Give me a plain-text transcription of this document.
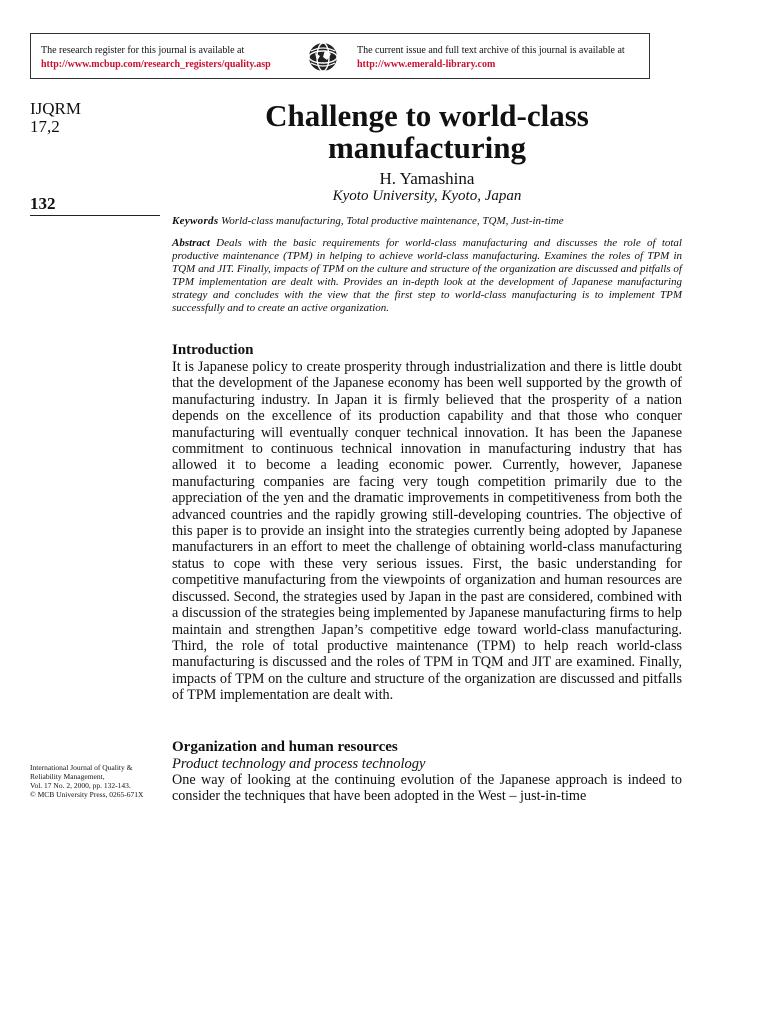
The research register for this journal is available at
http://www.mcbup.com/research_registers/quality.asp
The current issue and full text archive of this journal is available at
http://www.emerald-library.com
IJQRM
17,2
132
Challenge to world-class manufacturing
H. Yamashina
Kyoto University, Kyoto, Japan
Keywords World-class manufacturing, Total productive maintenance, TQM, Just-in-time
Abstract Deals with the basic requirements for world-class manufacturing and discusses the role of total productive maintenance (TPM) in helping to achieve world-class manufacturing. Examines the roles of TPM in TQM and JIT. Finally, impacts of TPM on the culture and structure of the organization are discussed and pitfalls of TPM implementation are dealt with. Provides an in-depth look at the development of Japanese manufacturing strategy and concludes with the view that the first step to world-class manufacturing is to implement TPM successfully and to create an active organization.
Introduction
It is Japanese policy to create prosperity through industrialization and there is little doubt that the development of the Japanese economy has been well supported by the growth of manufacturing industry. In Japan it is firmly believed that the prosperity of a nation depends on the excellence of its production capability and that those who conquer manufacturing will eventually conquer technical innovation. It has been the Japanese commitment to continuous technical innovation in manufacturing industry that has allowed it to become a leading economic power. Currently, however, Japanese manufacturing companies are facing very tough competition primarily due to the appreciation of the yen and the dramatic improvements in competitiveness from both the advanced countries and the rapidly growing still-developing countries. The objective of this paper is to provide an insight into the strategies currently being adopted by Japanese manufacturers in an effort to meet the challenge of obtaining world-class manufacturing status to cope with these very serious issues. First, the basic understanding for competitive manufacturing from the viewpoints of organization and human resources are discussed. Second, the strategies used by Japan in the past are considered, combined with a discussion of the strategies being implemented by Japanese manufacturing firms to help maintain and strengthen Japan’s competitive edge toward world-class manufacturing. Third, the role of total productive maintenance (TPM) to help reach world-class manufacturing is discussed and the roles of TPM in TQM and JIT are examined. Finally, impacts of TPM on the culture and structure of the organization are discussed and pitfalls of TPM implementation are dealt with.
Organization and human resources
Product technology and process technology
One way of looking at the continuing evolution of the Japanese approach is indeed to consider the techniques that have been adopted in the West – just-in-time
International Journal of Quality &
Reliability Management,
Vol. 17 No. 2, 2000, pp. 132-143.
© MCB University Press, 0265-671X
